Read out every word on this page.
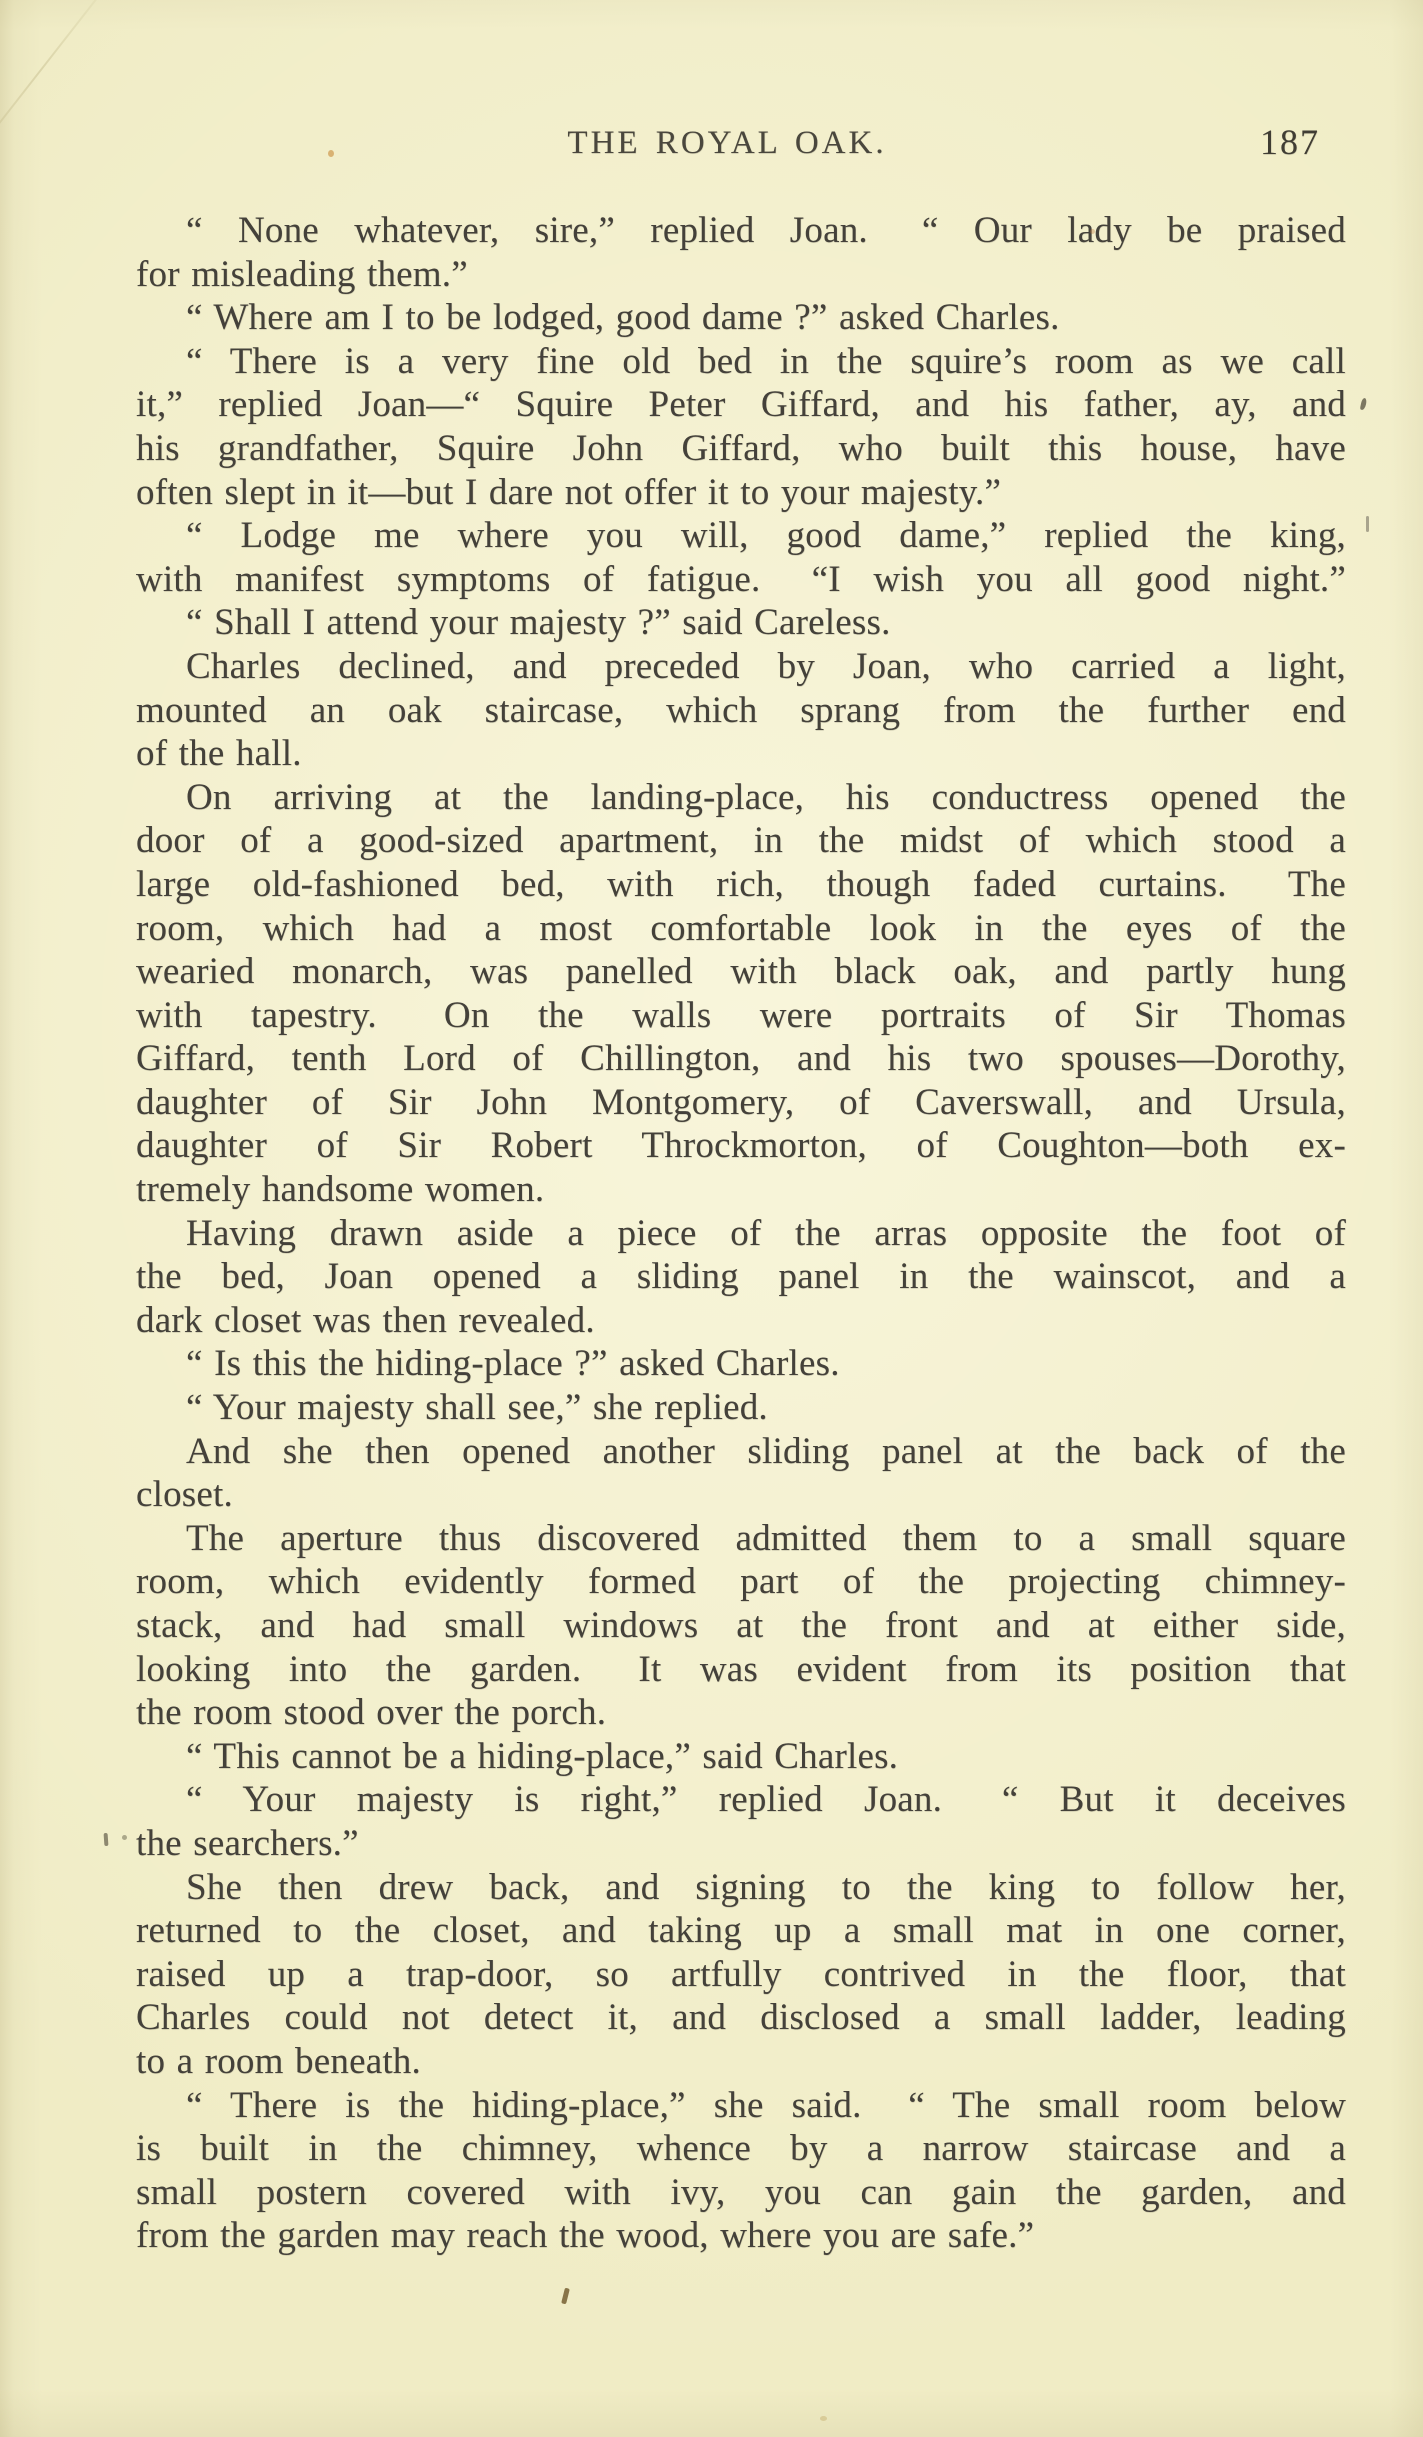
THE ROYAL OAK.	187
“ None whatever, sire,” replied Joan.  “ Our lady be praised
for misleading them.”
“ Where am I to be lodged, good dame ?” asked Charles.
“ There is a very fine old bed in the squire’s room as we call
it,” replied Joan—“ Squire Peter Giffard, and his father, ay, and
his grandfather, Squire John Giffard, who built this house, have
often slept in it—but I dare not offer it to your majesty.”
“ Lodge me where you will, good dame,” replied the king,
with manifest symptoms of fatigue.  “I wish you all good night.”
“ Shall I attend your majesty ?” said Careless.
Charles declined, and preceded by Joan, who carried a light,
mounted an oak staircase, which sprang from the further end
of the hall.
On arriving at the landing-place, his conductress opened the
door of a good-sized apartment, in the midst of which stood a
large old-fashioned bed, with rich, though faded curtains.  The
room, which had a most comfortable look in the eyes of the
wearied monarch, was panelled with black oak, and partly hung
with tapestry.  On the walls were portraits of Sir Thomas
Giffard, tenth Lord of Chillington, and his two spouses—Dorothy,
daughter of Sir John Montgomery, of Caverswall, and Ursula,
daughter of Sir Robert Throckmorton, of Coughton—both ex-
tremely handsome women.
Having drawn aside a piece of the arras opposite the foot of
the bed, Joan opened a sliding panel in the wainscot, and a
dark closet was then revealed.
“ Is this the hiding-place ?” asked Charles.
“ Your majesty shall see,” she replied.
And she then opened another sliding panel at the back of the
closet.
The aperture thus discovered admitted them to a small square
room, which evidently formed part of the projecting chimney-
stack, and had small windows at the front and at either side,
looking into the garden.  It was evident from its position that
the room stood over the porch.
“ This cannot be a hiding-place,” said Charles.
“ Your majesty is right,” replied Joan.  “ But it deceives
the searchers.”
She then drew back, and signing to the king to follow her,
returned to the closet, and taking up a small mat in one corner,
raised up a trap-door, so artfully contrived in the floor, that
Charles could not detect it, and disclosed a small ladder, leading
to a room beneath.
“ There is the hiding-place,” she said.  “ The small room below
is built in the chimney, whence by a narrow staircase and a
small postern covered with ivy, you can gain the garden, and
from the garden may reach the wood, where you are safe.”
